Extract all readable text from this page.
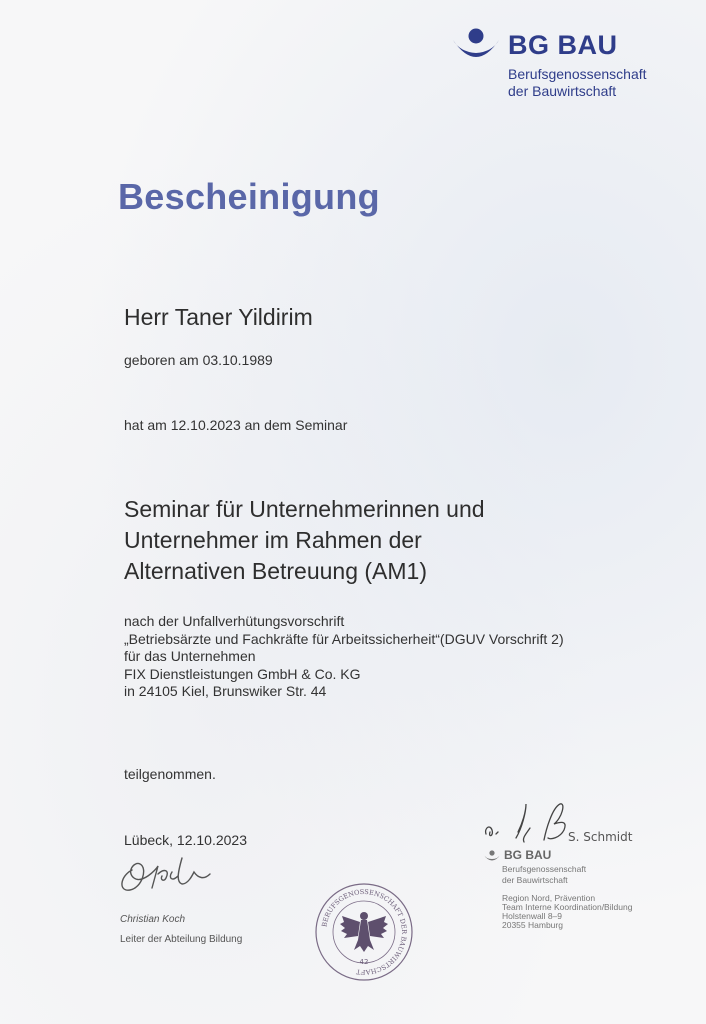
BG BAU
Berufsgenossenschaft
der Bauwirtschaft
Bescheinigung
Herr Taner Yildirim
geboren am 03.10.1989
hat am 12.10.2023 an dem Seminar
Seminar für Unternehmerinnen und
Unternehmer im Rahmen der
Alternativen Betreuung (AM1)
nach der Unfallverhütungsvorschrift
„Betriebsärzte und Fachkräfte für Arbeitssicherheit“(DGUV Vorschrift 2)
für das Unternehmen
FIX Dienstleistungen GmbH & Co. KG
in 24105 Kiel, Brunswiker Str. 44
teilgenommen.
Lübeck, 12.10.2023
Christian Koch
Leiter der Abteilung Bildung
BERUFSGENOSSENSCHAFT DER BAUWIRTSCHAFT
42
S. Schmidt
BG BAU
Berufsgenossenschaft
der Bauwirtschaft
Region Nord, Prävention
Team Interne Koordination/Bildung
Holstenwall 8–9
20355 Hamburg
